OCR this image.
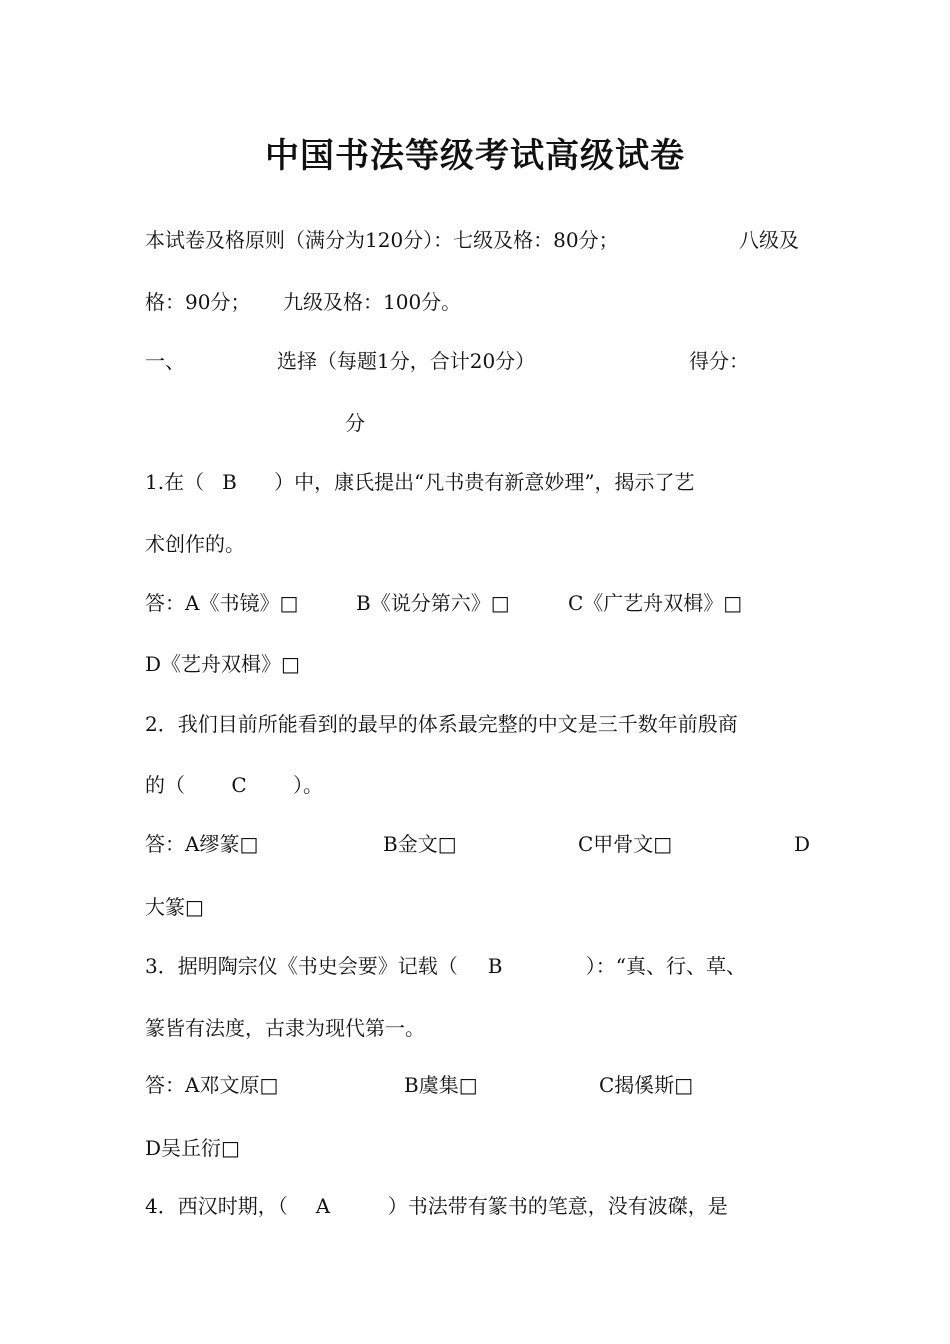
中国书法等级考试高级试卷
本试卷及格原则（满分为120分）：七级及格：80分；	八级及
格：90分； 九级及格：100分。
一、	选择（每题1分，合计20分）	得分：
分
1.在（ B ）中，康氏提出“凡书贵有新意妙理”，揭示了艺
术创作的。
答：A《书镜》□	B《说分第六》□	C《广艺舟双楫》□
D《艺舟双楫》□
2．我们目前所能看到的最早的体系最完整的中文是三千数年前殷商
的（ C ）。
答：A缪篆□	B金文□	C甲骨文□	D
大篆□
3．据明陶宗仪《书史会要》记载（ B	）：“真、行、草、
篆皆有法度，古隶为现代第一。
答：A邓文原□	B虞集□	C揭傒斯□
D吴丘衍□
4．西汉时期，（ A	）书法带有篆书的笔意，没有波磔，是
